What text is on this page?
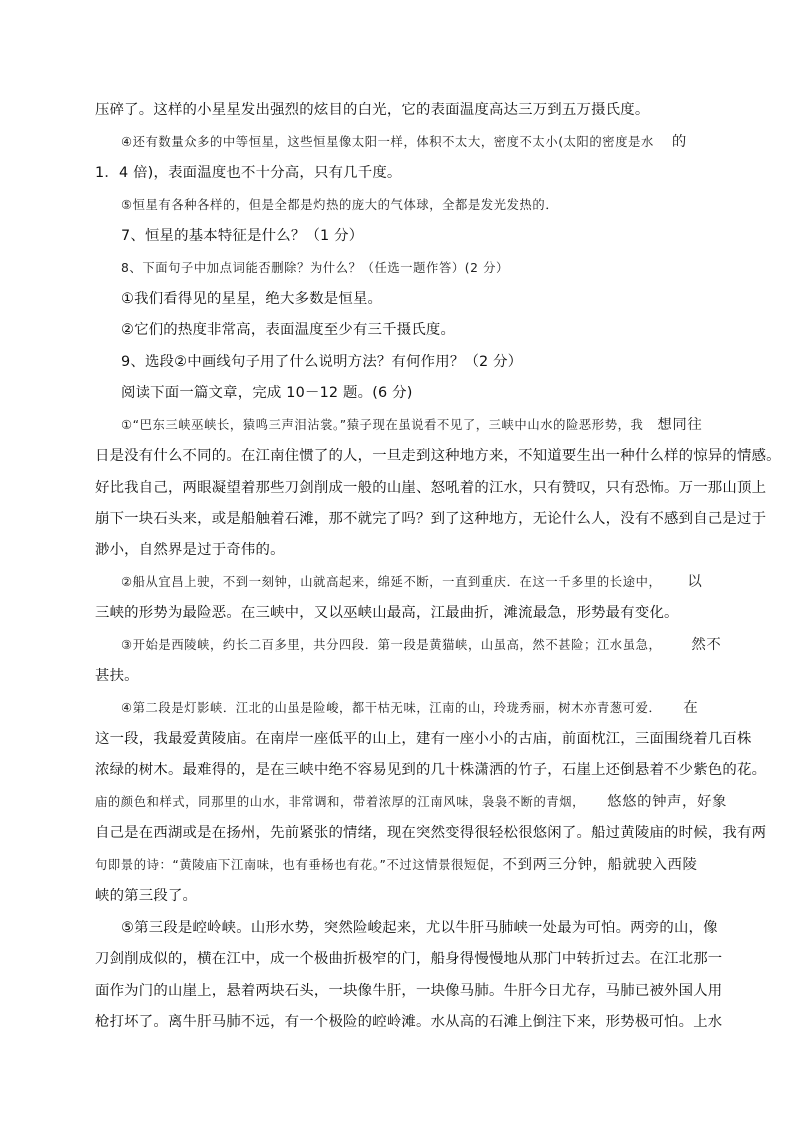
压碎了。这样的小星星发出强烈的炫目的白光，它的表面温度高达三万到五万摄氏度。
④还有数量众多的中等恒星，这些恒星像太阳一样，体积不太大，密度不太小(太阳的密度是水 的
1．4 倍)，表面温度也不十分高，只有几千度。
⑤恒星有各种各样的，但是全都是灼热的庞大的气体球，全都是发光发热的．
7、恒星的基本特征是什么？（1 分）
8、下面句子中加点词能否删除？为什么？（任选一题作答）(2 分）
①我们看得见的星星，绝大多数是恒星。
②它们的热度非常高，表面温度至少有三千摄氏度。
9、选段②中画线句子用了什么说明方法？有何作用？（2 分）
阅读下面一篇文章，完成 10－12 题。(6 分)
①“巴东三峡巫峡长，猿鸣三声泪沾裳。”猿子现在虽说看不见了，三峡中山水的险恶形势，我 想同往
日是没有什么不同的。在江南住惯了的人，一旦走到这种地方来，不知道要生出一种什么样的惊异的情感。
好比我自己，两眼凝望着那些刀剑削成一般的山崖、怒吼着的江水，只有赞叹，只有恐怖。万一那山顶上
崩下一块石头来，或是船触着石滩，那不就完了吗？到了这种地方，无论什么人，没有不感到自己是过于
渺小，自然界是过于奇伟的。
②船从宜昌上驶，不到一刻钟，山就高起来，绵延不断，一直到重庆．在这一千多里的长途中， 以
三峡的形势为最险恶。在三峡中，又以巫峡山最高，江最曲折，滩流最急，形势最有变化。
③开始是西陵峡，约长二百多里，共分四段．第一段是黄猫峡，山虽高，然不甚险；江水虽急， 然不
甚扶。
④第二段是灯影峡．江北的山虽是险峻，都干枯无味，江南的山，玲珑秀丽，树木亦青葱可爱． 在
这一段，我最爱黄陵庙。在南岸一座低平的山上，建有一座小小的古庙，前面枕江，三面围绕着几百株
浓绿的树木。最难得的，是在三峡中绝不容易见到的几十株潇洒的竹子，石崖上还倒悬着不少紫色的花。
庙的颜色和样式，同那里的山水，非常调和，带着浓厚的江南风味，袅袅不断的青烟， 悠悠的钟声，好象
自己是在西湖或是在扬州，先前紧张的情绪，现在突然变得很轻松很悠闲了。船过黄陵庙的时候，我有两
句即景的诗：“黄陵庙下江南味，也有垂杨也有花。”不过这情景很短促，不到两三分钟，船就驶入西陵
峡的第三段了。
⑤第三段是崆岭峡。山形水势，突然险峻起来，尤以牛肝马肺峡一处最为可怕。两旁的山，像
刀剑削成似的，横在江中，成一个极曲折极窄的门，船身得慢慢地从那门中转折过去。在江北那一
面作为门的山崖上，悬着两块石头，一块像牛肝，一块像马肺。牛肝今日尤存，马肺已被外国人用
枪打坏了。离牛肝马肺不远，有一个极险的崆岭滩。水从高的石滩上倒注下来，形势极可怕。上水
